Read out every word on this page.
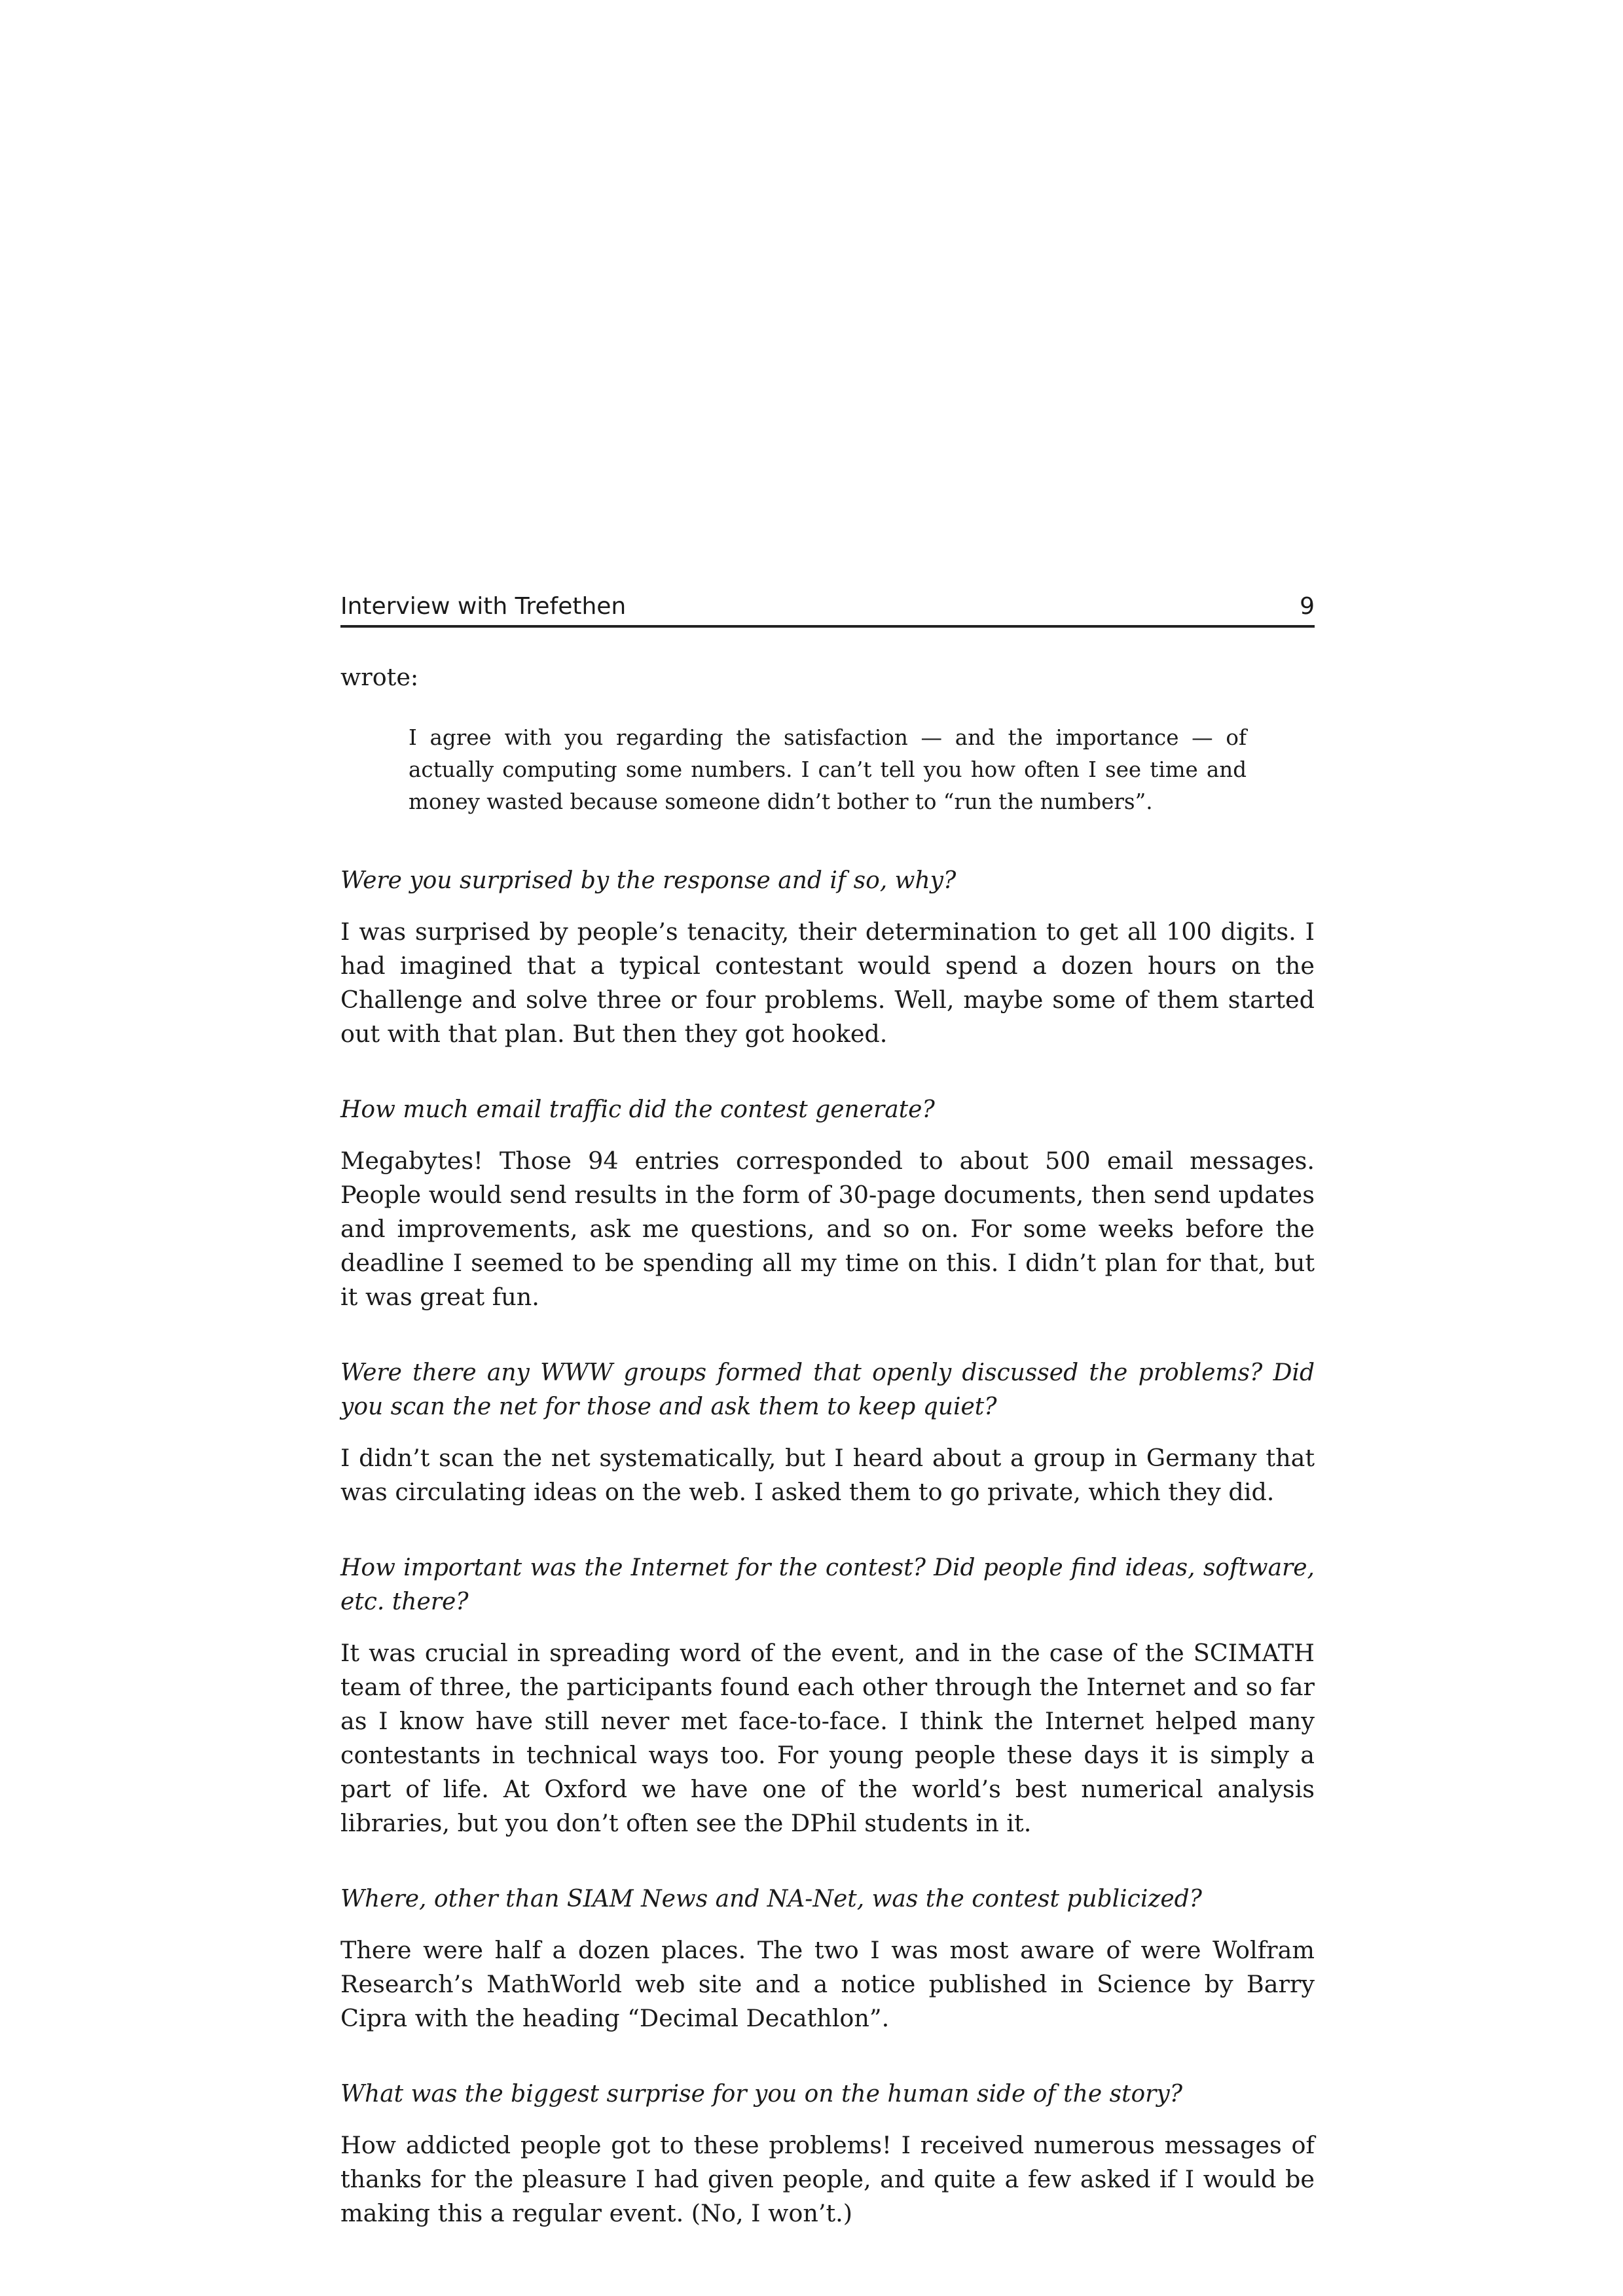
Interview with Trefethen	9

wrote:

I agree with you regarding the satisfaction — and the importance — of actually computing some numbers. I can’t tell you how often I see time and money wasted because someone didn’t bother to “run the numbers”.

Were you surprised by the response and if so, why?

I was surprised by people’s tenacity, their determination to get all 100 digits. I had imagined that a typical contestant would spend a dozen hours on the Challenge and solve three or four problems. Well, maybe some of them started out with that plan. But then they got hooked.

How much email traffic did the contest generate?

Megabytes! Those 94 entries corresponded to about 500 email messages. People would send results in the form of 30-page documents, then send updates and improvements, ask me questions, and so on. For some weeks before the deadline I seemed to be spending all my time on this. I didn’t plan for that, but it was great fun.

Were there any WWW groups formed that openly discussed the problems? Did you scan the net for those and ask them to keep quiet?

I didn’t scan the net systematically, but I heard about a group in Germany that was circulating ideas on the web. I asked them to go private, which they did.

How important was the Internet for the contest? Did people find ideas, software, etc. there?

It was crucial in spreading word of the event, and in the case of the SCIMATH team of three, the participants found each other through the Internet and so far as I know have still never met face-to-face. I think the Internet helped many contestants in technical ways too. For young people these days it is simply a part of life. At Oxford we have one of the world’s best numerical analysis libraries, but you don’t often see the DPhil students in it.

Where, other than SIAM News and NA-Net, was the contest publicized?

There were half a dozen places. The two I was most aware of were Wolfram Research’s MathWorld web site and a notice published in Science by Barry Cipra with the heading “Decimal Decathlon”.

What was the biggest surprise for you on the human side of the story?

How addicted people got to these problems! I received numerous messages of thanks for the pleasure I had given people, and quite a few asked if I would be making this a regular event. (No, I won’t.)
